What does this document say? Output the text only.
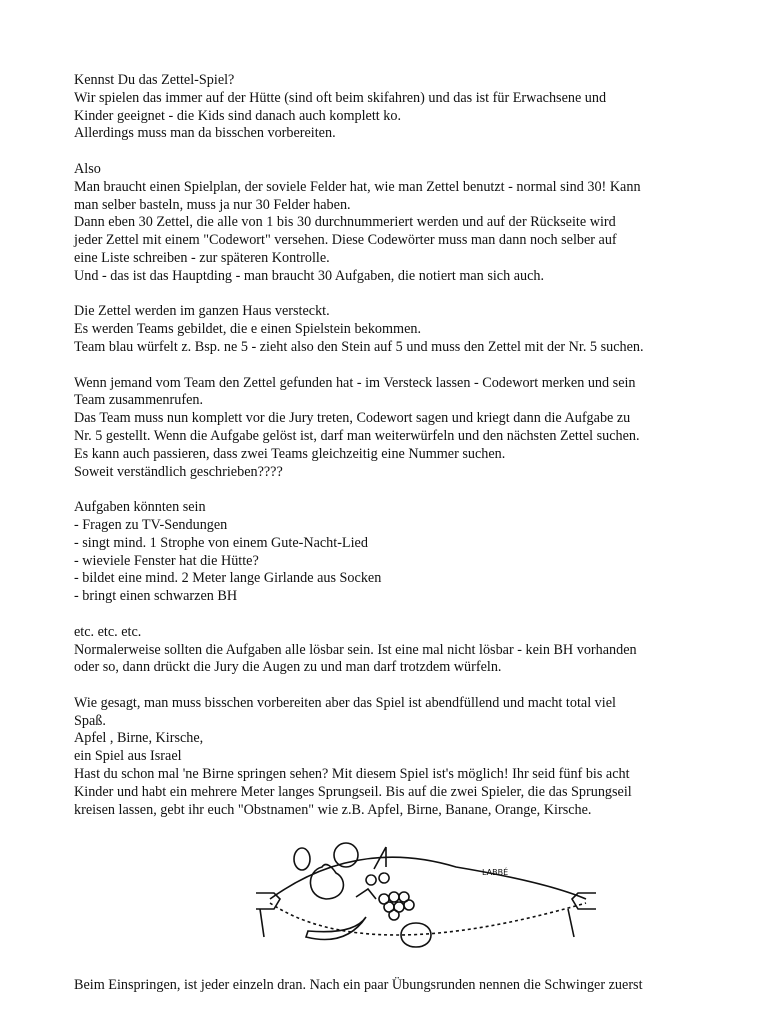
Kennst Du das Zettel-Spiel?
Wir spielen das immer auf der Hütte (sind oft beim skifahren) und das ist für Erwachsene und
Kinder geeignet - die Kids sind danach auch komplett ko.
Allerdings muss man da bisschen vorbereiten.
Also
Man braucht einen Spielplan, der soviele Felder hat, wie man Zettel benutzt - normal sind 30! Kann
man selber basteln, muss ja nur 30 Felder haben.
Dann eben 30 Zettel, die alle von 1 bis 30 durchnummeriert werden und auf der Rückseite wird
jeder Zettel mit einem "Codewort" versehen. Diese Codewörter muss man dann noch selber auf
eine Liste schreiben - zur späteren Kontrolle.
Und - das ist das Hauptding - man braucht 30 Aufgaben, die notiert man sich auch.
Die Zettel werden im ganzen Haus versteckt.
Es werden Teams gebildet, die e einen Spielstein bekommen.
Team blau würfelt z. Bsp. ne 5 - zieht also den Stein auf 5 und muss den Zettel mit der Nr. 5 suchen.
Wenn jemand vom Team den Zettel gefunden hat - im Versteck lassen - Codewort merken und sein
Team zusammenrufen.
Das Team muss nun komplett vor die Jury treten, Codewort sagen und kriegt dann die Aufgabe zu
Nr. 5 gestellt. Wenn die Aufgabe gelöst ist, darf man weiterwürfeln und den nächsten Zettel suchen.
Es kann auch passieren, dass zwei Teams gleichzeitig eine Nummer suchen.
Soweit verständlich geschrieben????
Aufgaben könnten sein
- Fragen zu TV-Sendungen
- singt mind. 1 Strophe von einem Gute-Nacht-Lied
- wieviele Fenster hat die Hütte?
- bildet eine mind. 2 Meter lange Girlande aus Socken
- bringt einen schwarzen BH
etc. etc. etc.
Normalerweise sollten die Aufgaben alle lösbar sein. Ist eine mal nicht lösbar - kein BH vorhanden
oder so, dann drückt die Jury die Augen zu und man darf trotzdem würfeln.
Wie gesagt, man muss bisschen vorbereiten aber das Spiel ist abendfüllend und macht total viel
Spaß.
Apfel , Birne, Kirsche,
ein Spiel aus Israel
Hast du schon mal 'ne Birne springen sehen? Mit diesem Spiel ist's möglich! Ihr seid fünf bis acht
Kinder und habt ein mehrere Meter langes Sprungseil. Bis auf die zwei Spieler, die das Sprungseil
kreisen lassen, gebt ihr euch "Obstnamen" wie z.B. Apfel, Birne, Banane, Orange, Kirsche.
LABBÉ
Beim Einspringen, ist jeder einzeln dran. Nach ein paar Übungsrunden nennen die Schwinger zuerst
